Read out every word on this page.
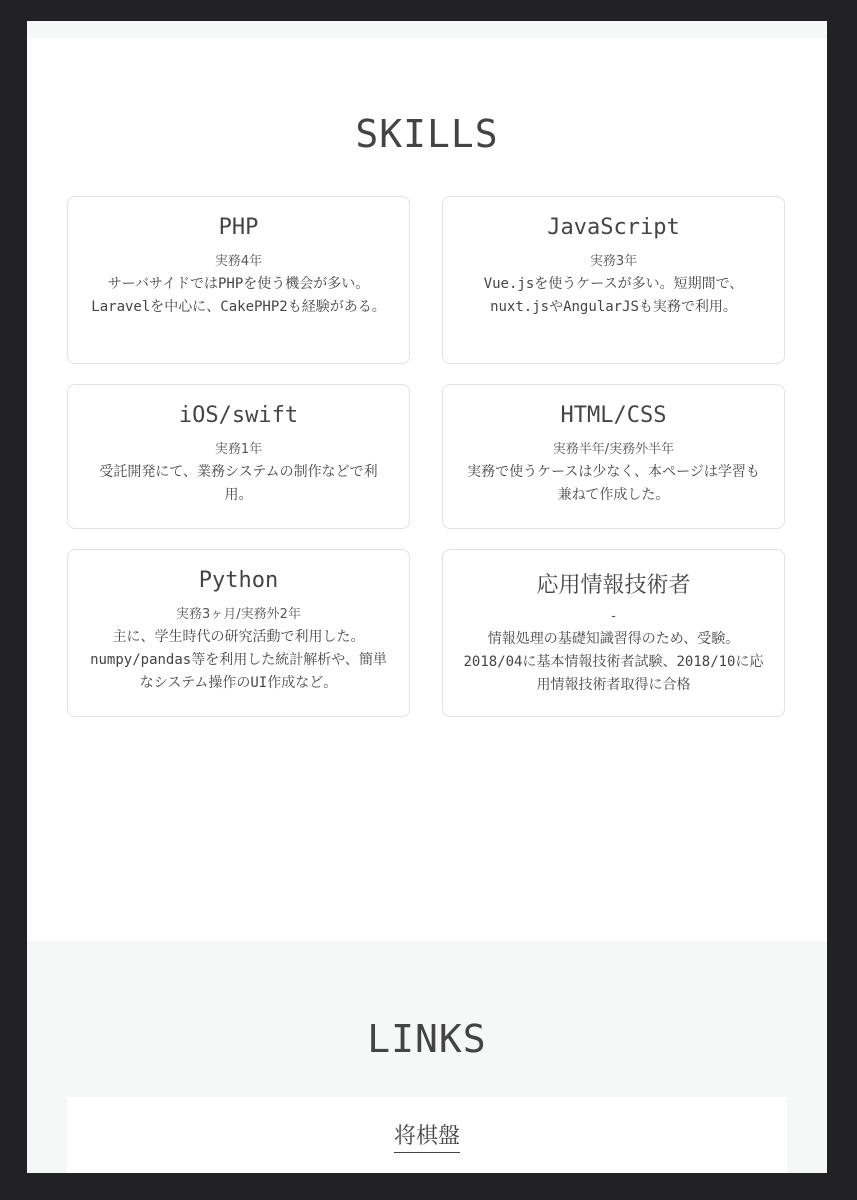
SKILLS
PHP
実務4年
サーバサイドではPHPを使う機会が多い。Laravelを中心に、CakePHP2も経験がある。
JavaScript
実務3年
Vue.jsを使うケースが多い。短期間で、nuxt.jsやAngularJSも実務で利用。
iOS/swift
実務1年
受託開発にて、業務システムの制作などで利用。
HTML/CSS
実務半年/実務外半年
実務で使うケースは少なく、本ページは学習も兼ねて作成した。
Python
実務3ヶ月/実務外2年
主に、学生時代の研究活動で利用した。numpy/pandas等を利用した統計解析や、簡単なシステム操作のUI作成など。
応用情報技術者
-
情報処理の基礎知識習得のため、受験。2018/04に基本情報技術者試験、2018/10に応用情報技術者取得に合格
LINKS
将棋盤
